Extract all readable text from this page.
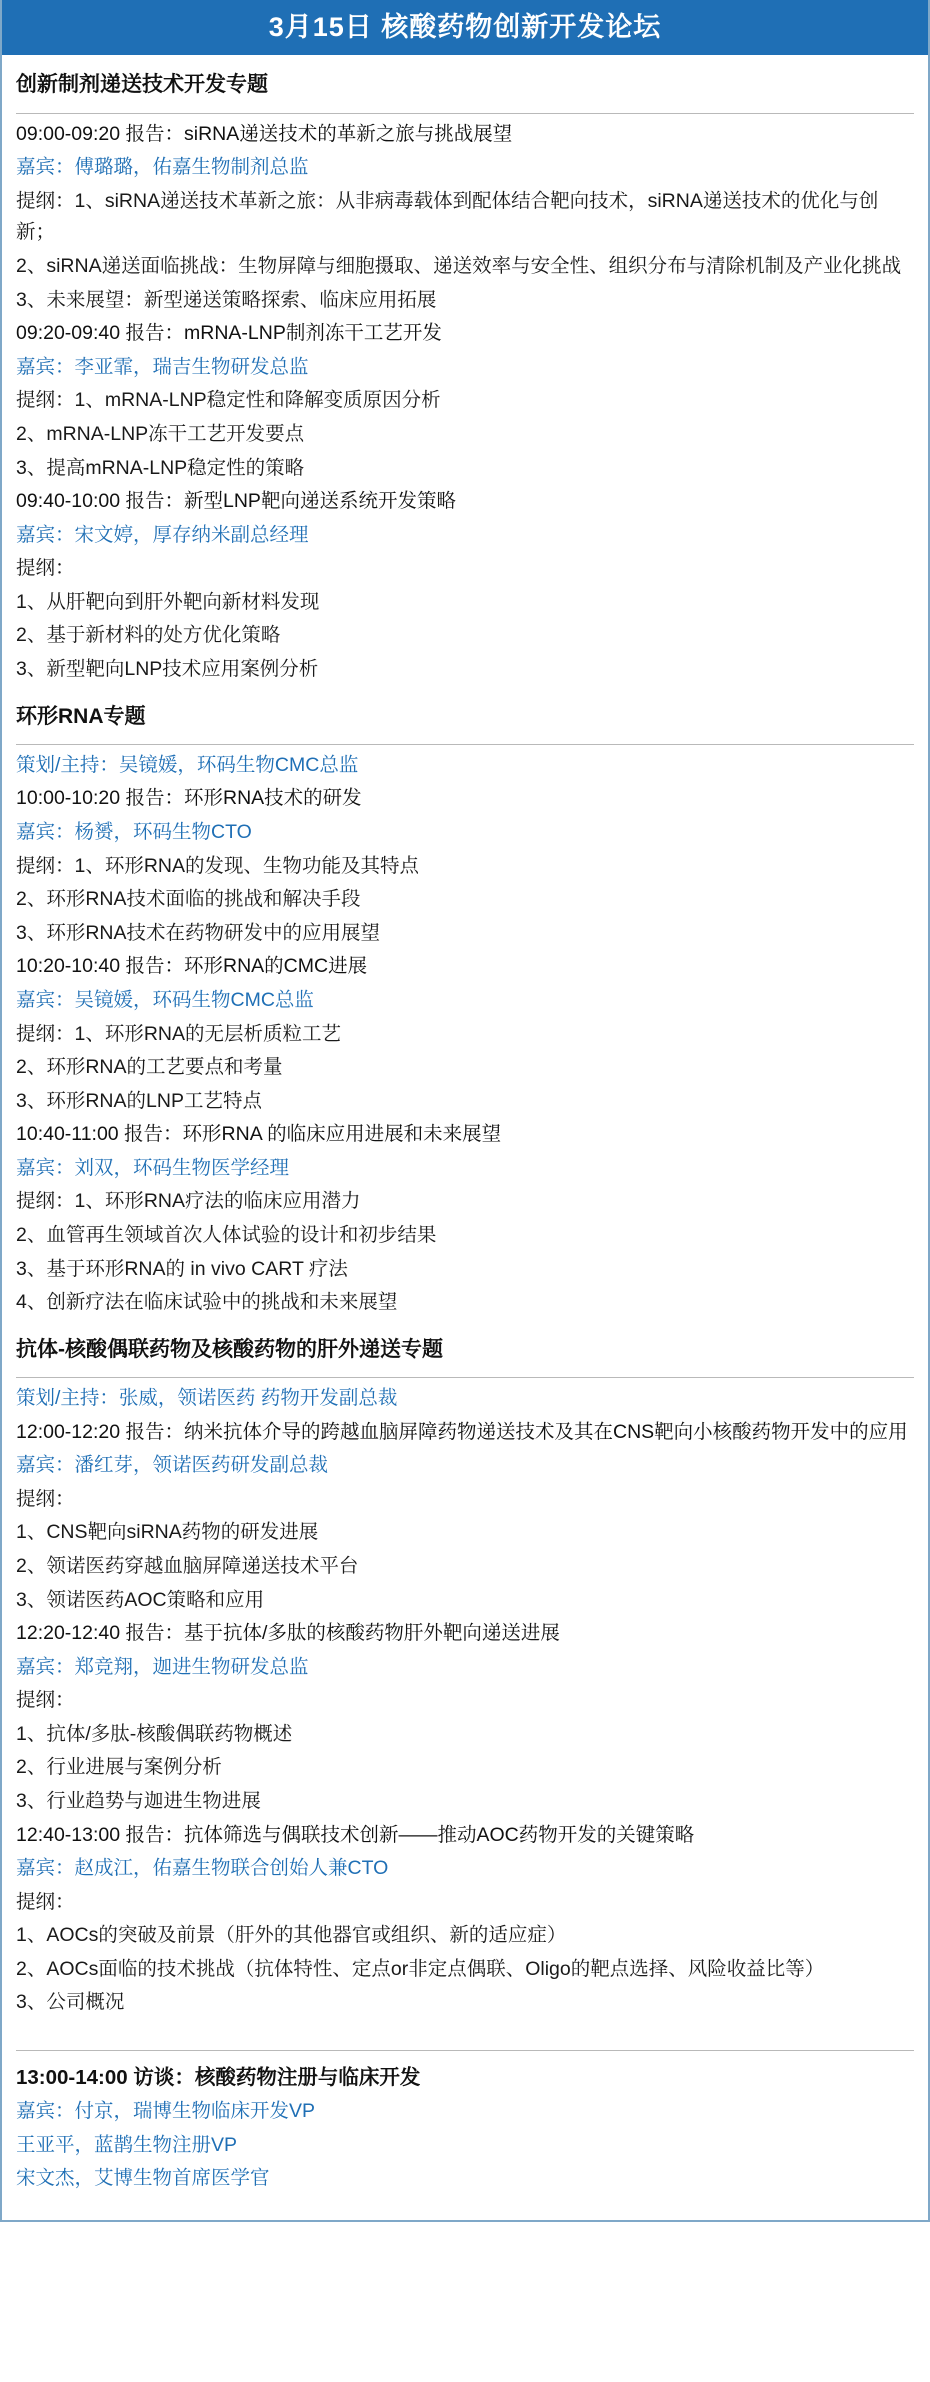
3月15日 核酸药物创新开发论坛
创新制剂递送技术开发专题
09:00-09:20 报告：siRNA递送技术的革新之旅与挑战展望
嘉宾：傅璐璐，佑嘉生物制剂总监
提纲：1、siRNA递送技术革新之旅：从非病毒载体到配体结合靶向技术，siRNA递送技术的优化与创新；
2、siRNA递送面临挑战：生物屏障与细胞摄取、递送效率与安全性、组织分布与清除机制及产业化挑战
3、未来展望：新型递送策略探索、临床应用拓展
09:20-09:40 报告：mRNA-LNP制剂冻干工艺开发
嘉宾：李亚霏，瑞吉生物研发总监
提纲：1、mRNA-LNP稳定性和降解变质原因分析
2、mRNA-LNP冻干工艺开发要点
3、提高mRNA-LNP稳定性的策略
09:40-10:00 报告：新型LNP靶向递送系统开发策略
嘉宾：宋文婷，厚存纳米副总经理
提纲：
1、从肝靶向到肝外靶向新材料发现
2、基于新材料的处方优化策略
3、新型靶向LNP技术应用案例分析
环形RNA专题
策划/主持：吴镜媛，环码生物CMC总监
10:00-10:20 报告：环形RNA技术的研发
嘉宾：杨赟，环码生物CTO
提纲：1、环形RNA的发现、生物功能及其特点
2、环形RNA技术面临的挑战和解决手段
3、环形RNA技术在药物研发中的应用展望
10:20-10:40 报告：环形RNA的CMC进展
嘉宾：吴镜媛，环码生物CMC总监
提纲：1、环形RNA的无层析质粒工艺
2、环形RNA的工艺要点和考量
3、环形RNA的LNP工艺特点
10:40-11:00 报告：环形RNA 的临床应用进展和未来展望
嘉宾：刘双，环码生物医学经理
提纲：1、环形RNA疗法的临床应用潜力
2、血管再生领域首次人体试验的设计和初步结果
3、基于环形RNA的 in vivo CART 疗法
4、创新疗法在临床试验中的挑战和未来展望
抗体-核酸偶联药物及核酸药物的肝外递送专题
策划/主持：张威，领诺医药 药物开发副总裁
12:00-12:20 报告：纳米抗体介导的跨越血脑屏障药物递送技术及其在CNS靶向小核酸药物开发中的应用
嘉宾：潘红芽，领诺医药研发副总裁
提纲：
1、CNS靶向siRNA药物的研发进展
2、领诺医药穿越血脑屏障递送技术平台
3、领诺医药AOC策略和应用
12:20-12:40 报告：基于抗体/多肽的核酸药物肝外靶向递送进展
嘉宾：郑竞翔，迦进生物研发总监
提纲：
1、抗体/多肽-核酸偶联药物概述
2、行业进展与案例分析
3、行业趋势与迦进生物进展
12:40-13:00 报告：抗体筛选与偶联技术创新——推动AOC药物开发的关键策略
嘉宾：赵成江，佑嘉生物联合创始人兼CTO
提纲：
1、AOCs的突破及前景（肝外的其他器官或组织、新的适应症）
2、AOCs面临的技术挑战（抗体特性、定点or非定点偶联、Oligo的靶点选择、风险收益比等）
3、公司概况
13:00-14:00 访谈：核酸药物注册与临床开发
嘉宾：付京，瑞博生物临床开发VP
王亚平，蓝鹊生物注册VP
宋文杰，艾博生物首席医学官
